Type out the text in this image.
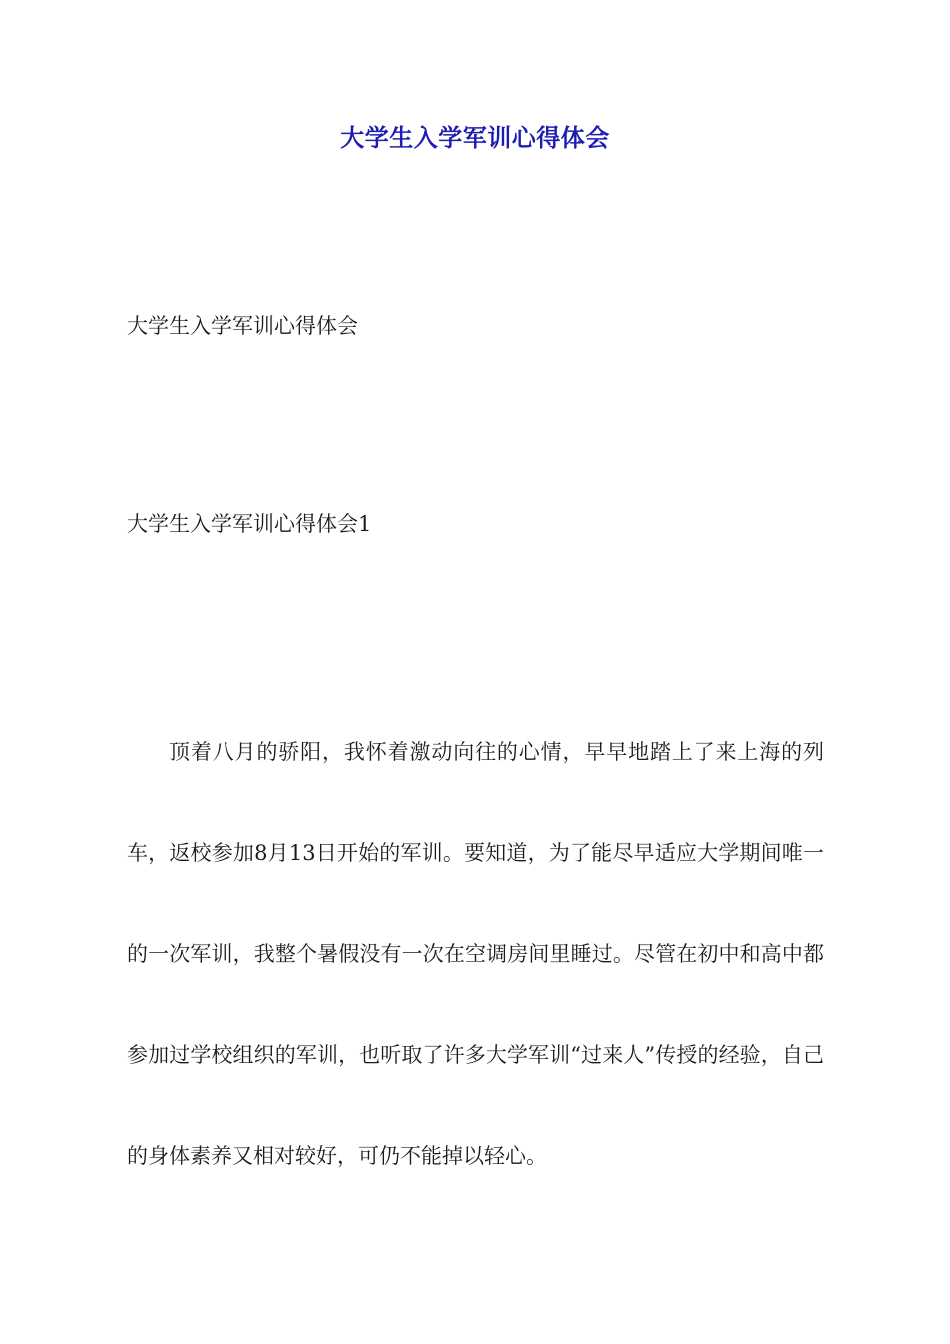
大学生入学军训心得体会
大学生入学军训心得体会
大学生入学军训心得体会1

顶着八月的骄阳，我怀着激动向往的心情，早早地踏上了来上海的列车，返校参加8月13日开始的军训。要知道，为了能尽早适应大学期间唯一的一次军训，我整个暑假没有一次在空调房间里睡过。尽管在初中和高中都参加过学校组织的军训，也听取了许多大学军训“过来人”传授的经验，自己的身体素养又相对较好，可仍不能掉以轻心。
